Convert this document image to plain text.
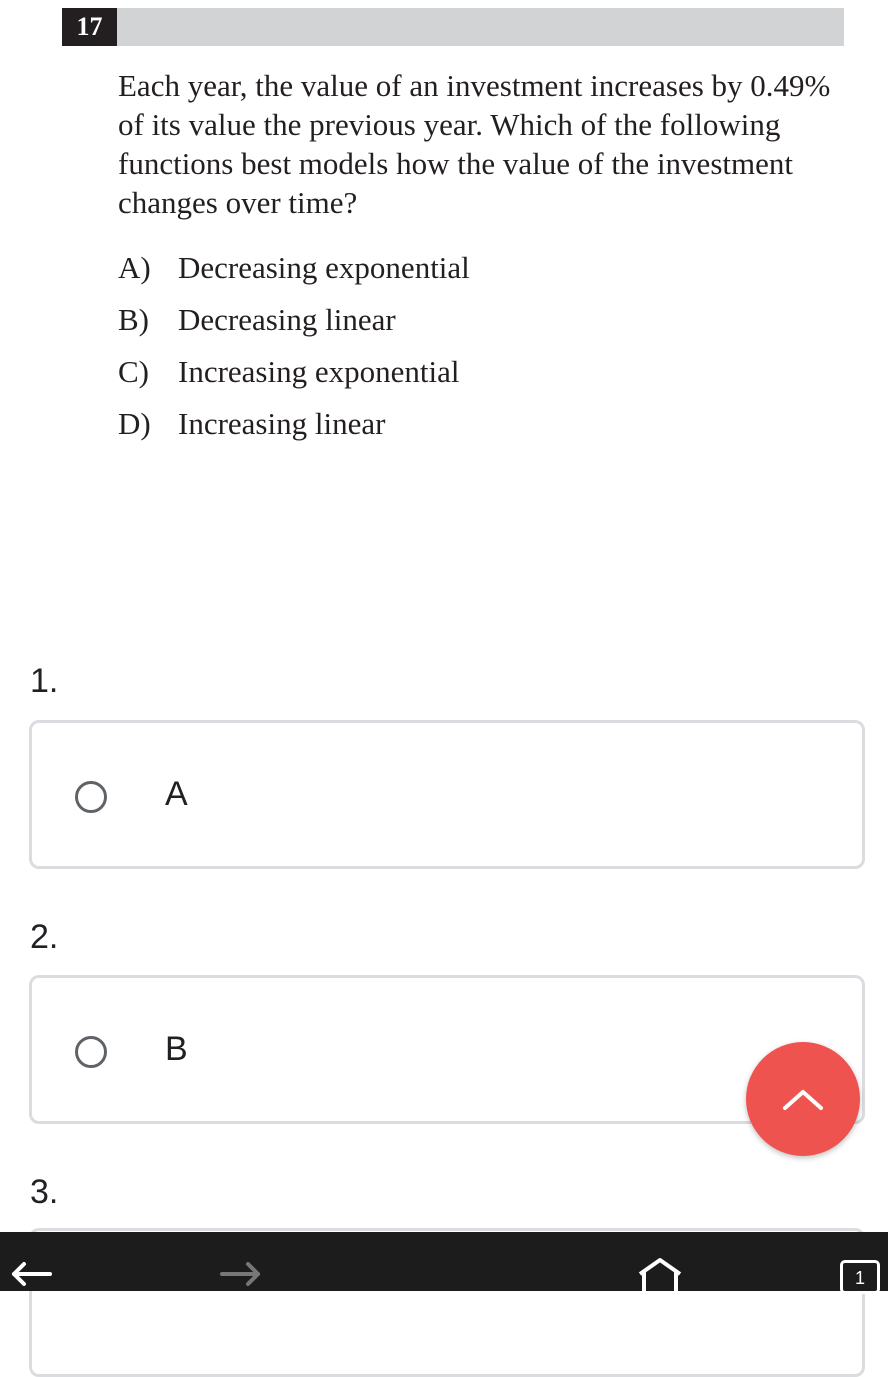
17

Each year, the value of an investment increases by 0.49% of its value the previous year. Which of the following functions best models how the value of the investment changes over time?

A) Decreasing exponential
B) Decreasing linear
C) Increasing exponential
D) Increasing linear
1.
A
2.
B
3.
1
